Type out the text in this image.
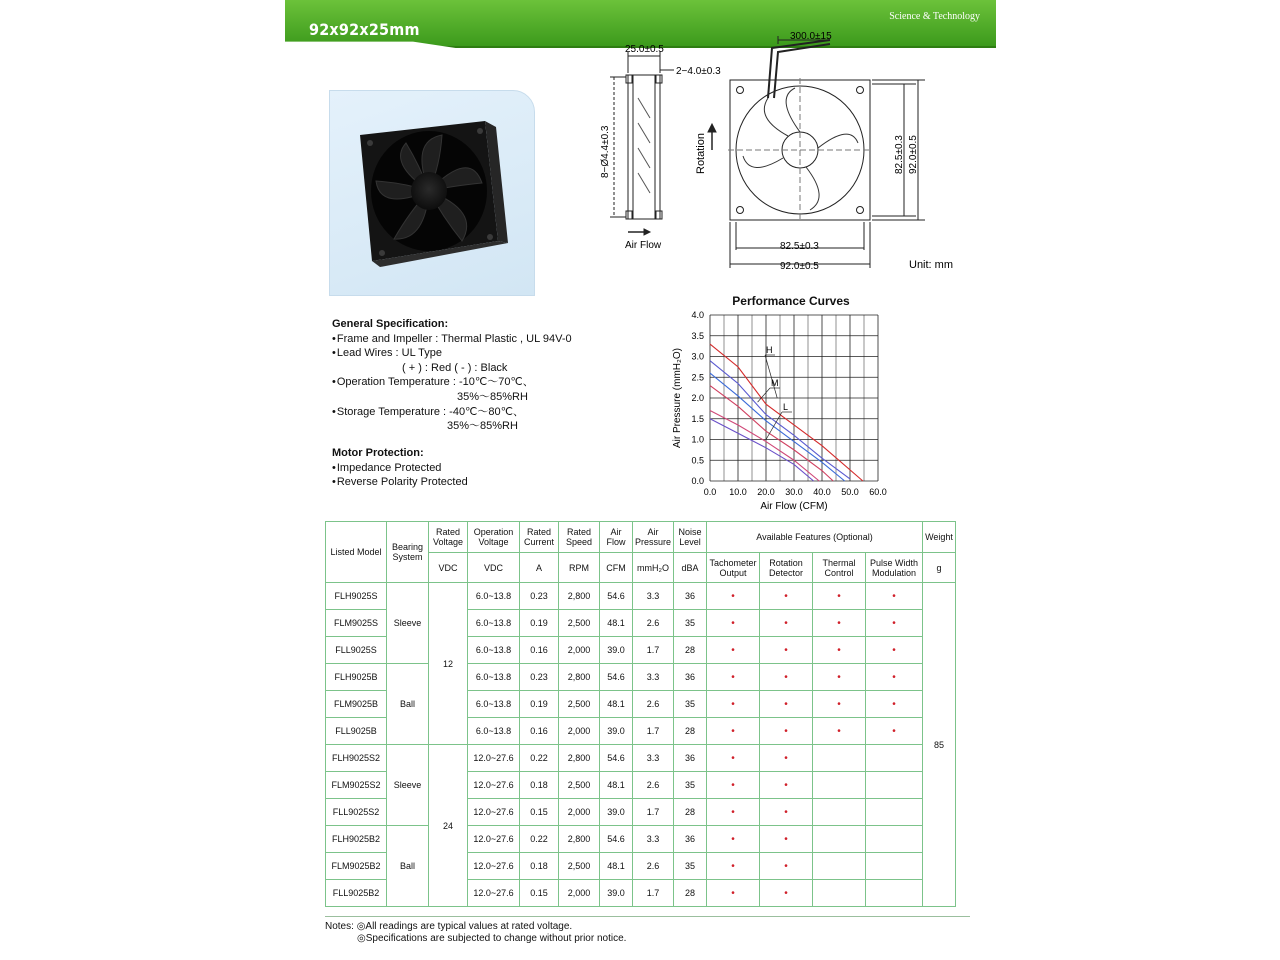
92x92x25mm
Science & Technology
25.0±0.5
2−4.0±0.3
8−Ø4.4±0.3
Air Flow
300.0±15
Rotation	82.5±0.3 92.0±0.5
82.5±0.3
92.0±0.5	Unit: mm
General Specification:
• Frame and Impeller : Thermal Plastic , UL 94V-0
• Lead Wires : UL Type
( + ) : Red ( - ) : Black
• Operation Temperature : -10℃～70℃、
35%～85%RH
• Storage Temperature : -40℃～80℃、
35%～85%RH
Motor Protection:
• Impedance Protected
• Reverse Polarity Protected
Performance Curves
0.0 10.0 20.0 30.0 40.0 50.0 60.0
0.0
0.5
1.0
1.5
2.0
2.5
3.0
3.5
4.0
Air Flow (CFM)
Air Pressure (mmH₂O)	H
M
L
Listed Model	Bearing System	Rated Voltage	Operation Voltage	Rated Current	Rated Speed	Air Flow	Air Pressure	Noise Level	Available Features (Optional)				Weight
		VDC	VDC	A	RPM	CFM	mmH₂O	dBA	Tachometer Output	Rotation Detector	Thermal Control	Pulse Width Modulation	g
FLH9025S	Sleeve	12	6.0~13.8	0.23	2,800	54.6	3.3	36	•	•	•	•	85
FLM9025S			6.0~13.8	0.19	2,500	48.1	2.6	35	•	•	•	•	
FLL9025S			6.0~13.8	0.16	2,000	39.0	1.7	28	•	•	•	•	
FLH9025B	Ball		6.0~13.8	0.23	2,800	54.6	3.3	36	•	•	•	•	
FLM9025B			6.0~13.8	0.19	2,500	48.1	2.6	35	•	•	•	•	
FLL9025B			6.0~13.8	0.16	2,000	39.0	1.7	28	•	•	•	•	
FLH9025S2	Sleeve	24	12.0~27.6	0.22	2,800	54.6	3.3	36	•	•			
FLM9025S2			12.0~27.6	0.18	2,500	48.1	2.6	35	•	•			
FLL9025S2			12.0~27.6	0.15	2,000	39.0	1.7	28	•	•			
FLH9025B2	Ball		12.0~27.6	0.22	2,800	54.6	3.3	36	•	•			
FLM9025B2			12.0~27.6	0.18	2,500	48.1	2.6	35	•	•			
FLL9025B2			12.0~27.6	0.15	2,000	39.0	1.7	28	•	•			
Notes: ◎All readings are typical values at rated voltage.
◎Specifications are subjected to change without prior notice.
